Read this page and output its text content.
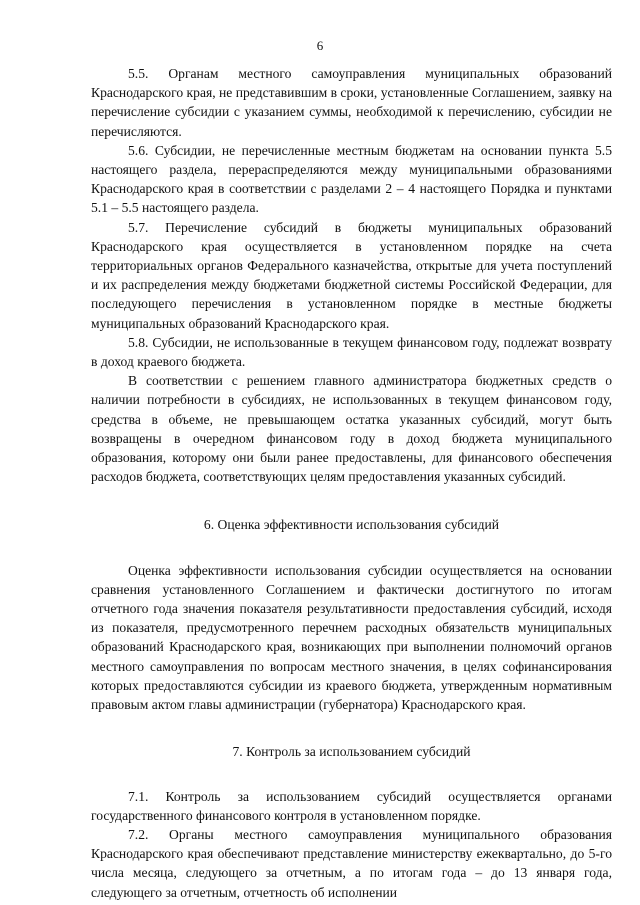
6

5.5. Органам местного самоуправления муниципальных образований Краснодарского края, не представившим в сроки, установленные Соглашением, заявку на перечисление субсидии с указанием суммы, необходимой к перечислению, субсидии не перечисляются.

5.6. Субсидии, не перечисленные местным бюджетам на основании пункта 5.5 настоящего раздела, перераспределяются между муниципальными образованиями Краснодарского края в соответствии с разделами 2 – 4 настоящего Порядка и пунктами 5.1 – 5.5 настоящего раздела.

5.7. Перечисление субсидий в бюджеты муниципальных образований Краснодарского края осуществляется в установленном порядке на счета территориальных органов Федерального казначейства, открытые для учета поступлений и их распределения между бюджетами бюджетной системы Российской Федерации, для последующего перечисления в установленном порядке в местные бюджеты муниципальных образований Краснодарского края.

5.8. Субсидии, не использованные в текущем финансовом году, подлежат возврату в доход краевого бюджета.

В соответствии с решением главного администратора бюджетных средств о наличии потребности в субсидиях, не использованных в текущем финансовом году, средства в объеме, не превышающем остатка указанных субсидий, могут быть возвращены в очередном финансовом году в доход бюджета муниципального образования, которому они были ранее предоставлены, для финансового обеспечения расходов бюджета, соответствующих целям предоставления указанных субсидий.

6. Оценка эффективности использования субсидий

Оценка эффективности использования субсидии осуществляется на основании сравнения установленного Соглашением и фактически достигнутого по итогам отчетного года значения показателя результативности предоставления субсидий, исходя из показателя, предусмотренного перечнем расходных обязательств муниципальных образований Краснодарского края, возникающих при выполнении полномочий органов местного самоуправления по вопросам местного значения, в целях софинансирования которых предоставляются субсидии из краевого бюджета, утвержденным нормативным правовым актом главы администрации (губернатора) Краснодарского края.

7. Контроль за использованием субсидий

7.1. Контроль за использованием субсидий осуществляется органами государственного финансового контроля в установленном порядке.

7.2. Органы местного самоуправления муниципального образования Краснодарского края обеспечивают представление министерству ежеквартально, до 5-го числа месяца, следующего за отчетным, а по итогам года – до 13 января года, следующего за отчетным, отчетность об исполнении
